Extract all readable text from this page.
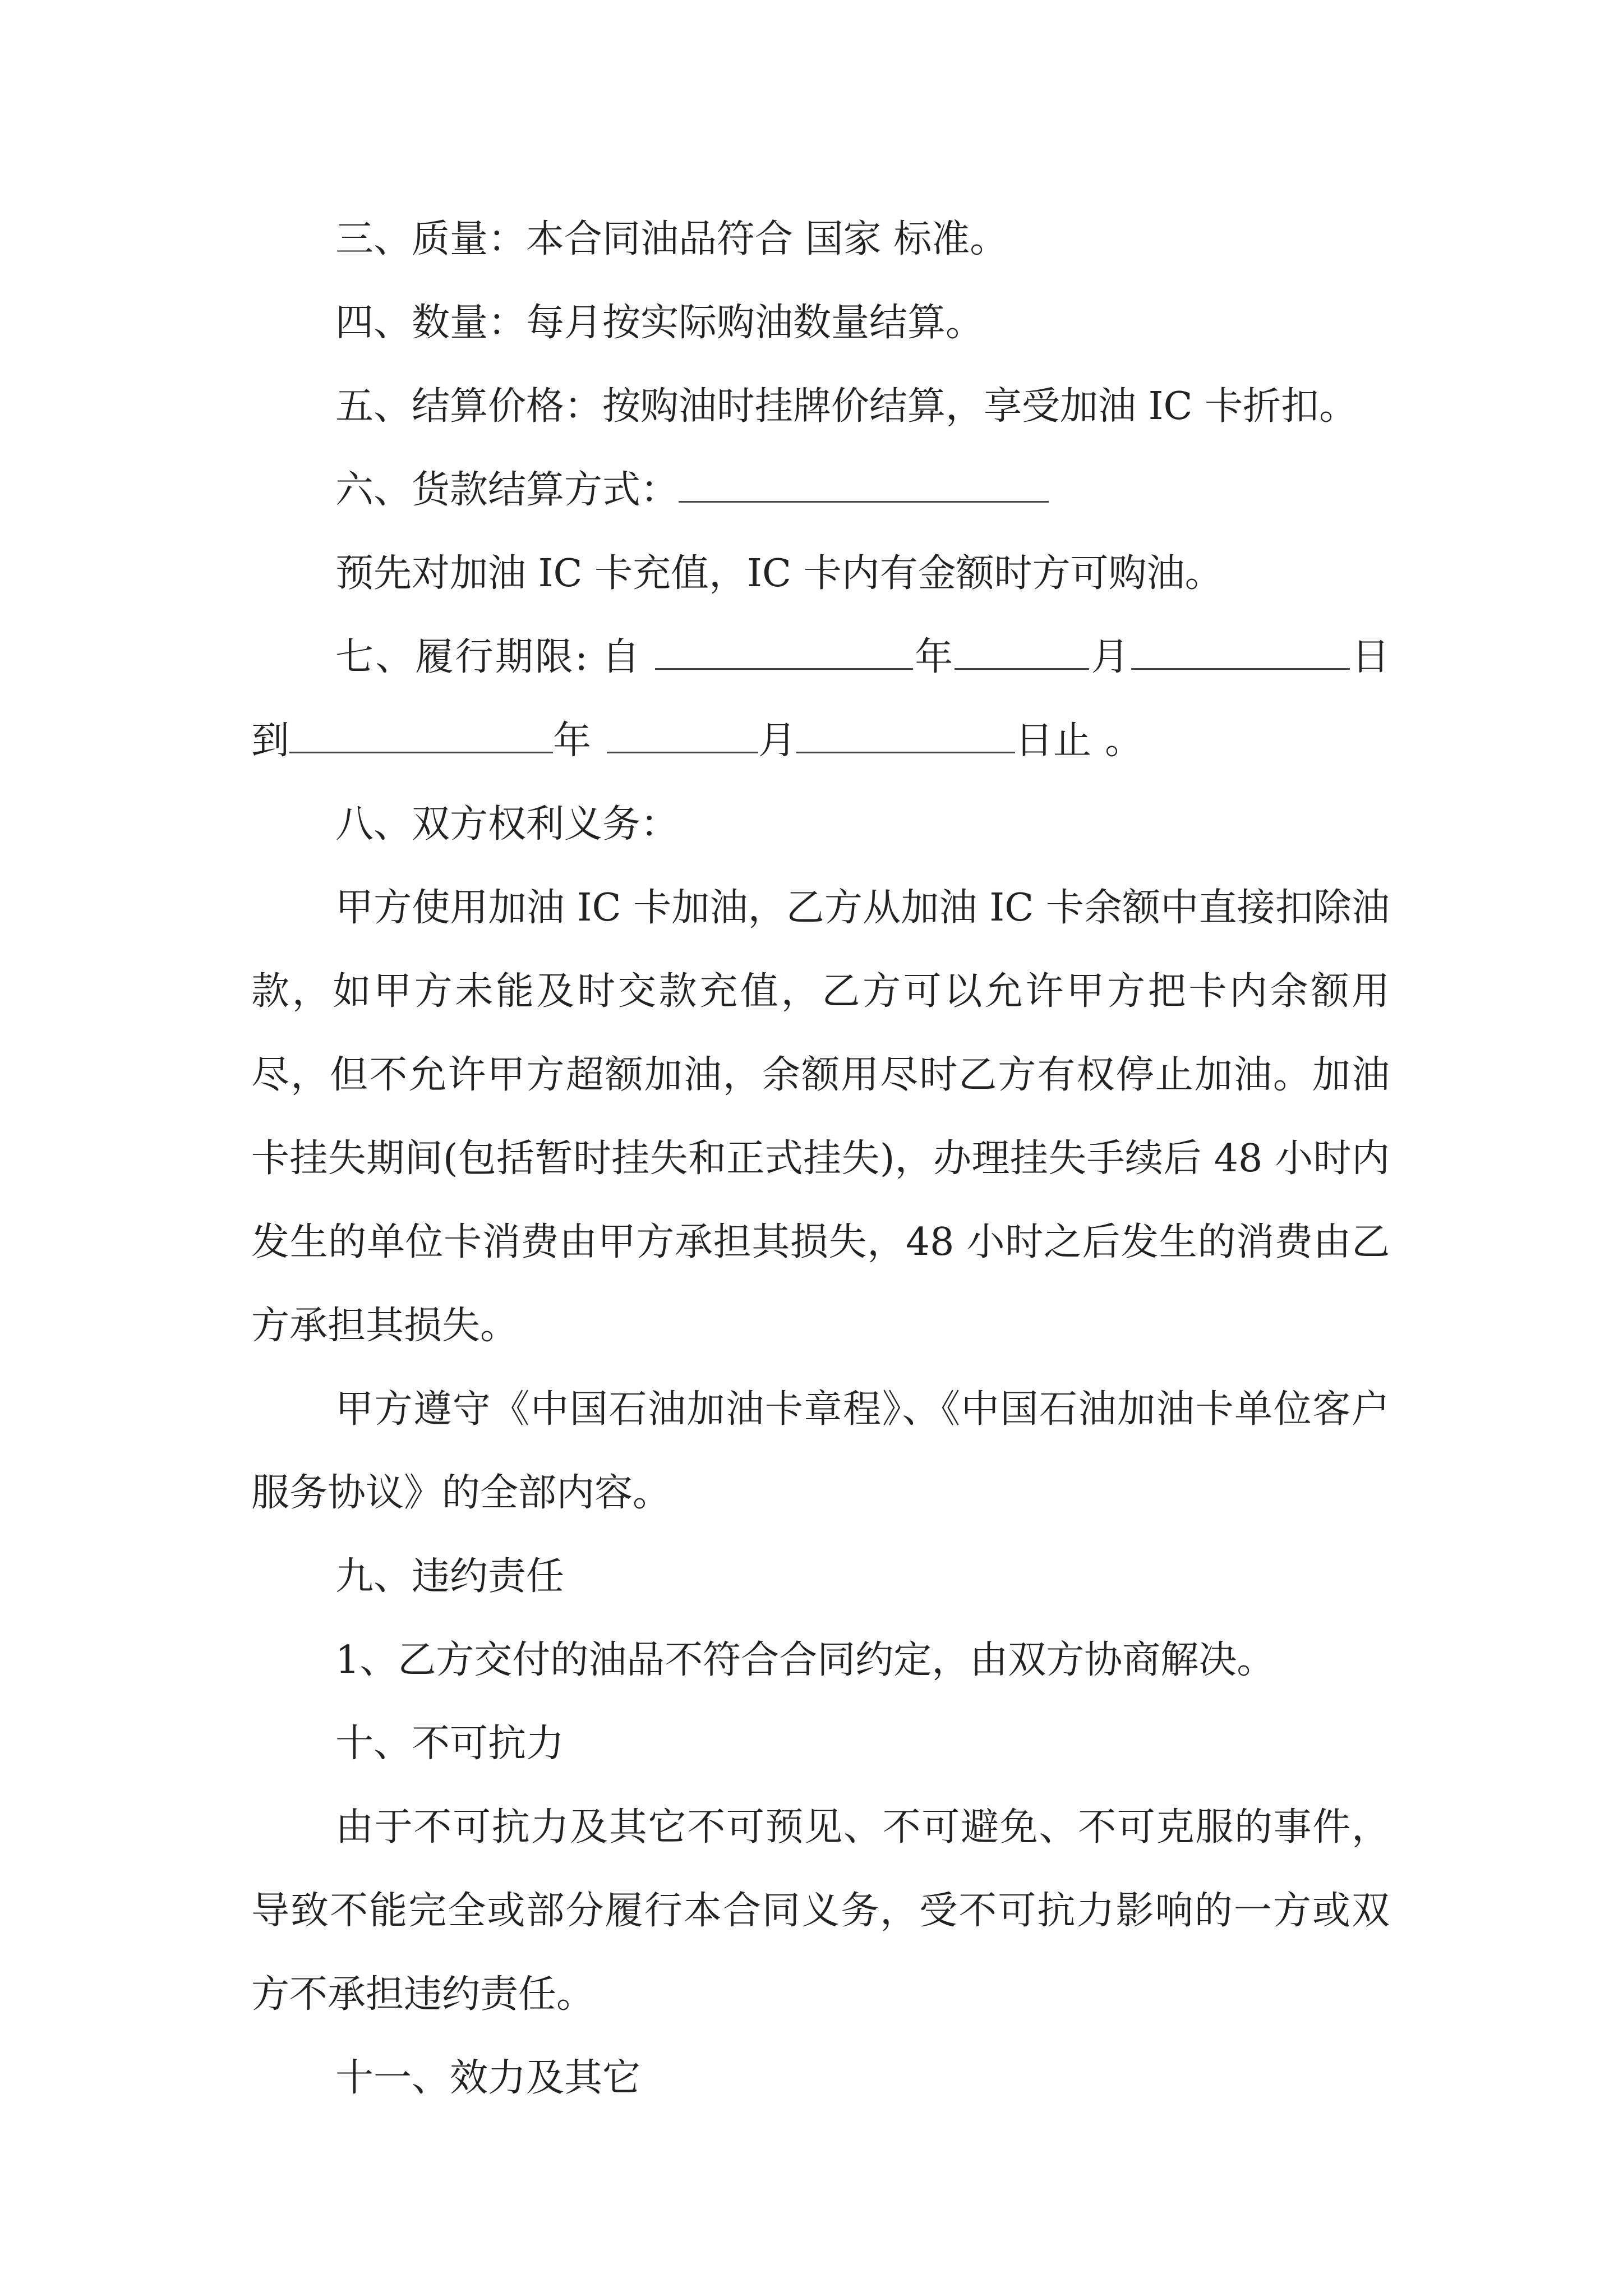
三、质量：本合同油品符合 国家 标准。

四、数量：每月按实际购油数量结算。

五、结算价格：按购油时挂牌价结算，享受加油 IC 卡折扣。

六、货款结算方式：

预先对加油 IC 卡充值，IC 卡内有金额时方可购油。

七、履行期限: 自	年	月	日到	年	月	日止 。

八、双方权利义务：

甲方使用加油 IC 卡加油，乙方从加油 IC 卡余额中直接扣除油款，如甲方未能及时交款充值，乙方可以允许甲方把卡内余额用尽，但不允许甲方超额加油，余额用尽时乙方有权停止加油。加油卡挂失期间(包括暂时挂失和正式挂失)，办理挂失手续后 48 小时内发生的单位卡消费由甲方承担其损失，48 小时之后发生的消费由乙方承担其损失。

甲方遵守《中国石油加油卡章程》、《中国石油加油卡单位客户服务协议》的全部内容。

九、违约责任

1、乙方交付的油品不符合合同约定，由双方协商解决。

十、不可抗力

由于不可抗力及其它不可预见、不可避免、不可克服的事件，导致不能完全或部分履行本合同义务，受不可抗力影响的一方或双方不承担违约责任。

十一、效力及其它
